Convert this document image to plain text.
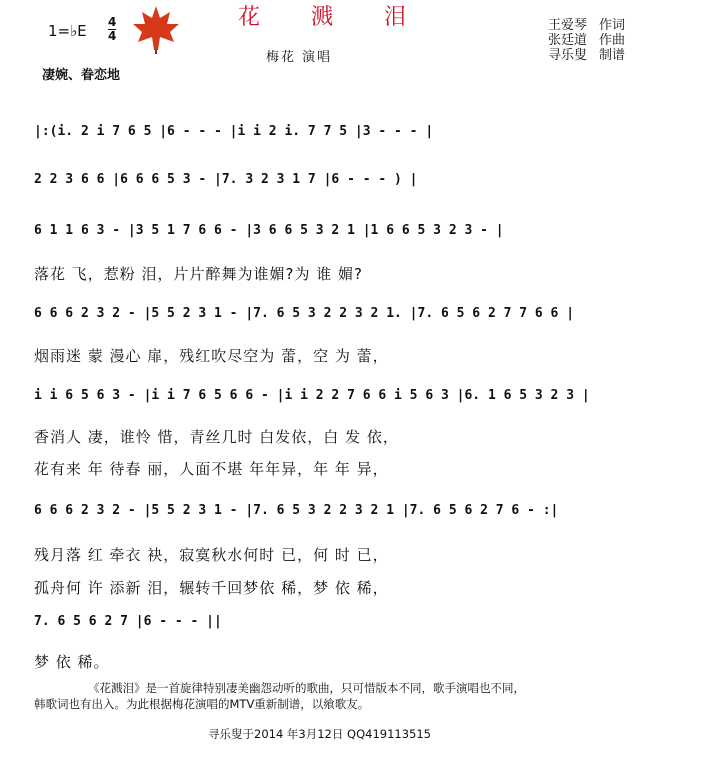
花 溅 泪
1=♭E 4
4
凄婉、眷恋地
梅花 演唱
王爱琴 作词
张廷道 作曲
寻乐叟 制谱
|:(i. 2 i 7 6 5 |6 - - - |i i 2 i. 7 7 5 |3 - - - |
2 2 3 6 6 |6 6 6 5 3 - |7. 3 2 3 1 7 |6 - - - ) |
6 1 1 6 3 - |3 5 1 7 6 6 - |3 6 6 5 3 2 1 |1 6 6 5 3 2 3 - |
落花 飞，惹粉 泪，片片醉舞为谁媚?为 谁 媚?
6 6 6 2 3 2 - |5 5 2 3 1 - |7. 6 5 3 2 2 3 2 1. |7. 6 5 6 2 7 7 6 6 |
烟雨迷 蒙 漫心 扉，残红吹尽空为 蕾，空 为 蕾，
i i 6 5 6 3 - |i i 7 6 5 6 6 - |i i 2 2 7 6 6 i 5 6 3 |6. 1 6 5 3 2 3 |
香消人 凄，谁怜 惜，青丝几时 白发依，白 发 依，
花有来 年 待春 丽，人面不堪 年年异，年 年 异，
6 6 6 2 3 2 - |5 5 2 3 1 - |7. 6 5 3 2 2 3 2 1 |7. 6 5 6 2 7 6 - :|
残月落 红 牵衣 袂，寂寞秋水何时 已，何 时 已，
孤舟何 许 添新 泪，辗转千回梦依 稀，梦 依 稀，
7. 6 5 6 2 7 |6 - - - ||
梦 依 稀。
《花溅泪》是一首旋律特别凄美幽怨动听的歌曲，只可惜版本不同，歌手演唱也不同，
韩歌词也有出入。为此根据梅花演唱的MTV重新制谱，以飨歌友。
寻乐叟于2014 年3月12日 QQ419113515
